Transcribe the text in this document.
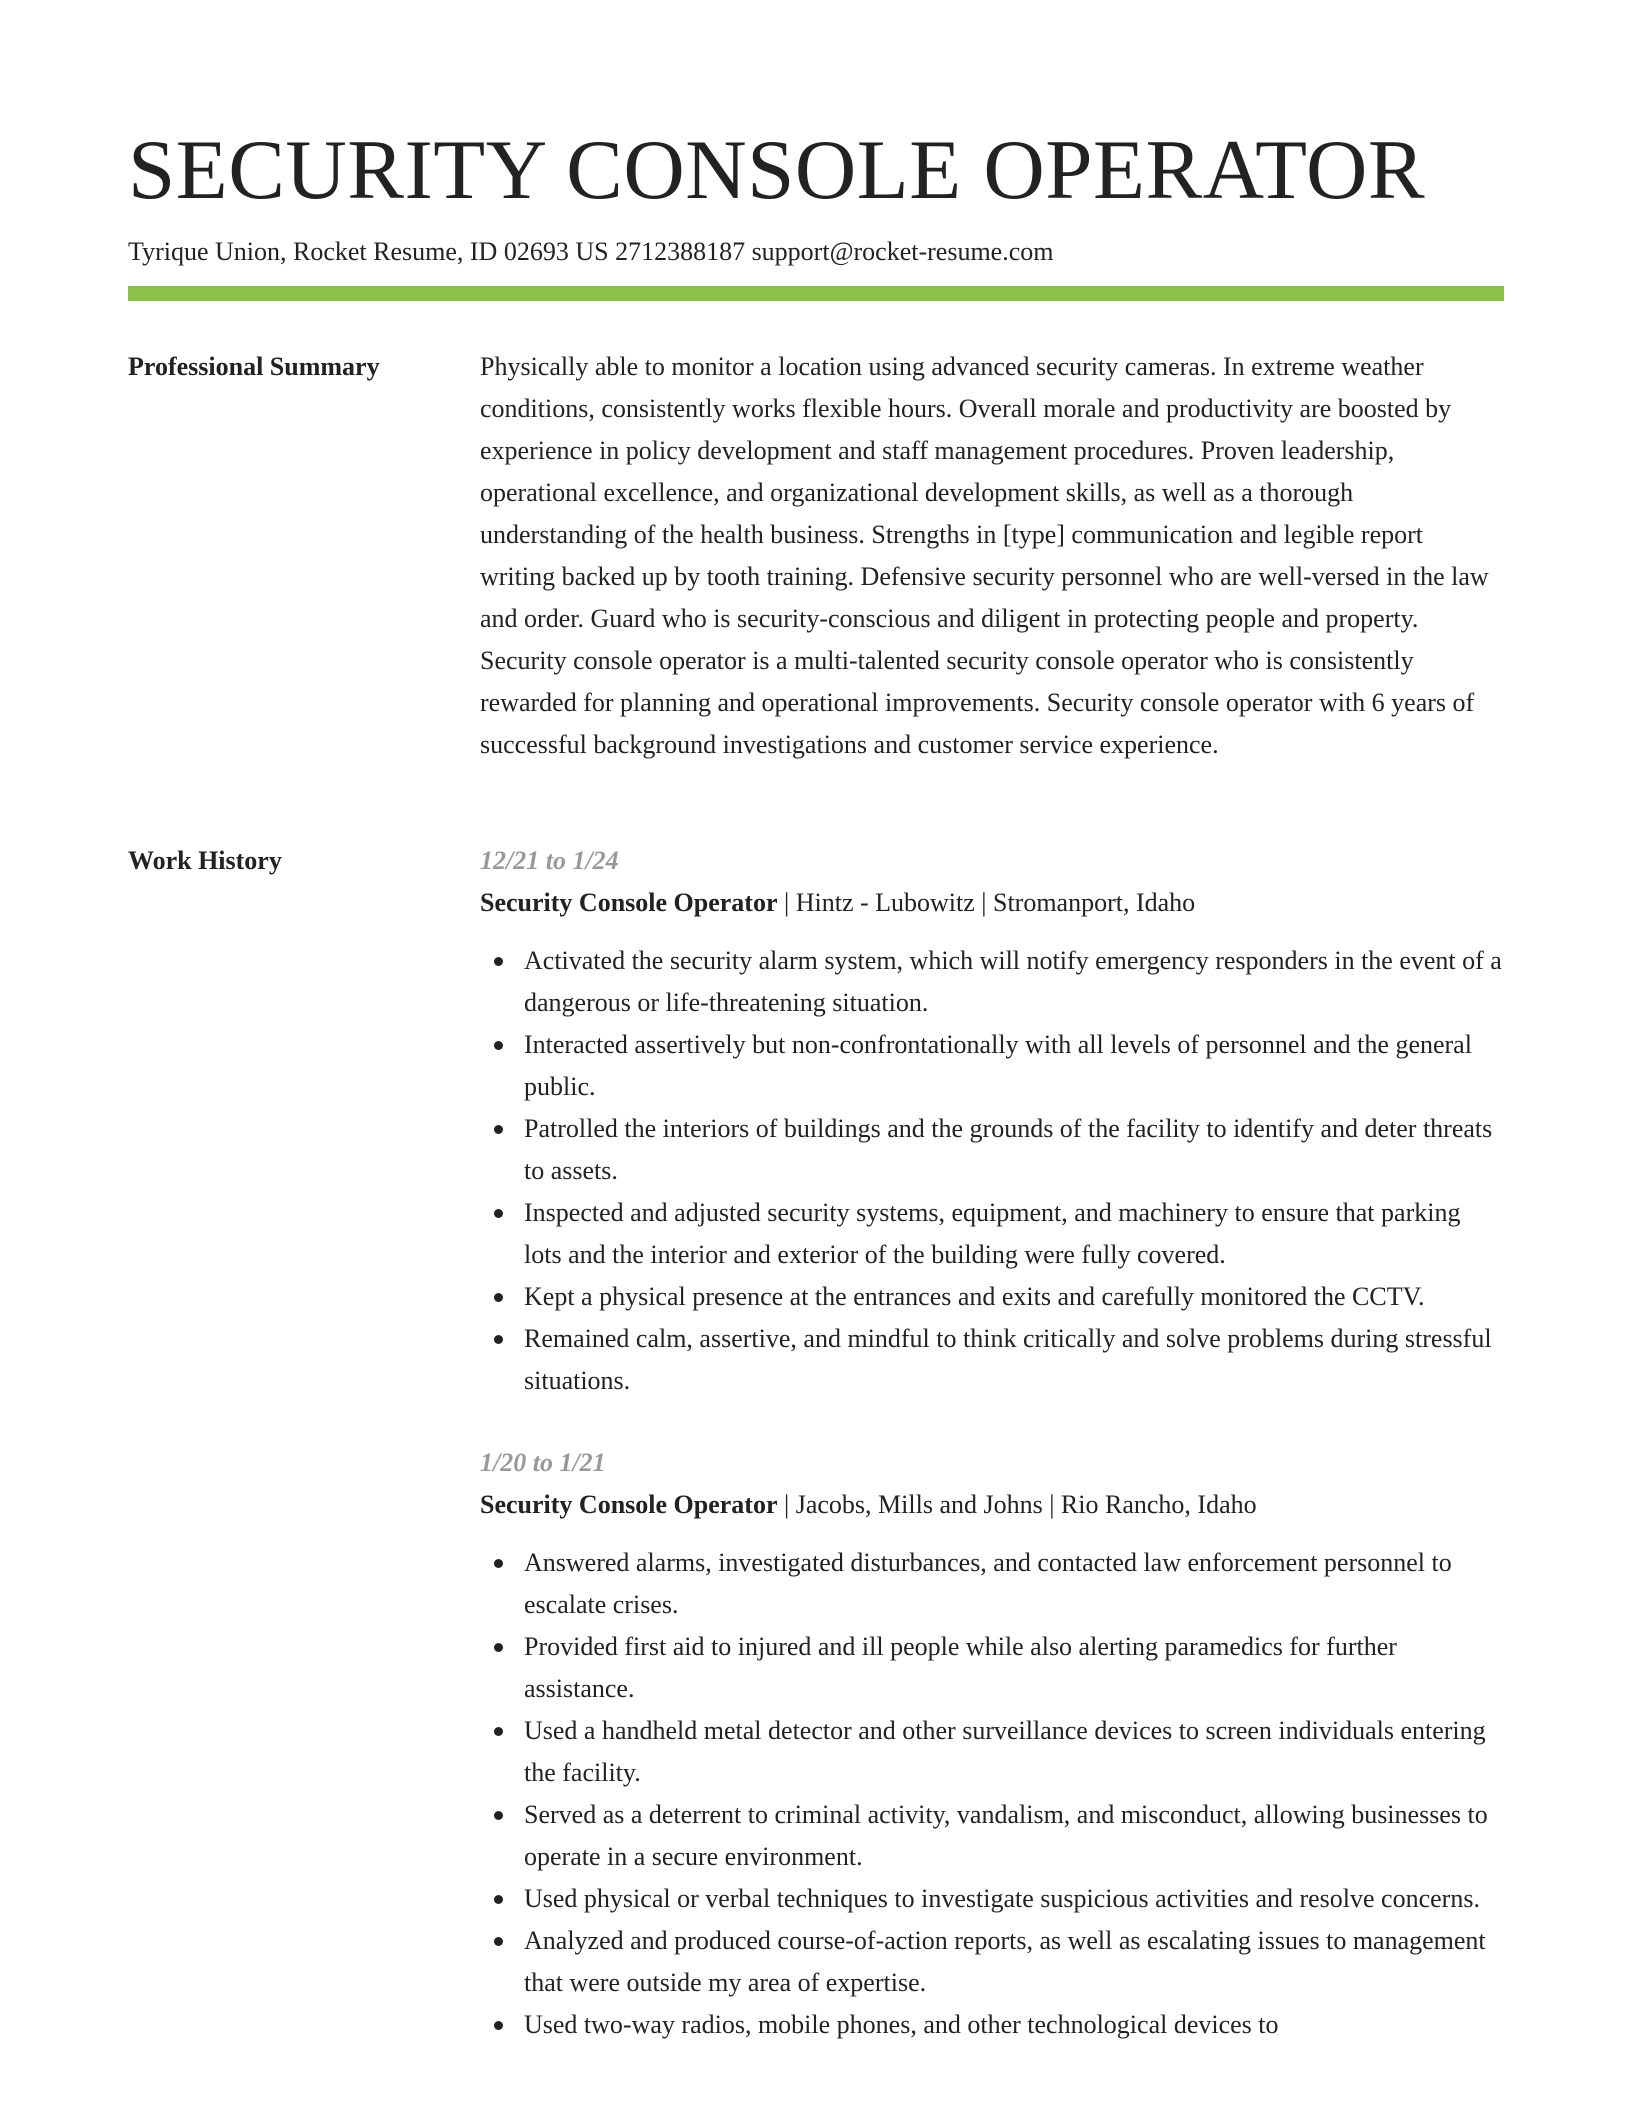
SECURITY CONSOLE OPERATOR
Tyrique Union, Rocket Resume, ID 02693 US 2712388187 support@rocket-resume.com
Professional Summary	Physically able to monitor a location using advanced security cameras. In extreme weather conditions, consistently works flexible hours. Overall morale and productivity are boosted by experience in policy development and staff management procedures. Proven leadership, operational excellence, and organizational development skills, as well as a thorough understanding of the health business. Strengths in [type] communication and legible report writing backed up by tooth training. Defensive security personnel who are well-versed in the law and order. Guard who is security-conscious and diligent in protecting people and property. Security console operator is a multi-talented security console operator who is consistently rewarded for planning and operational improvements. Security console operator with 6 years of successful background investigations and customer service experience.

Work History	12/21 to 1/24
Security Console Operator | Hintz - Lubowitz | Stromanport, Idaho
Activated the security alarm system, which will notify emergency responders in the event of a dangerous or life-threatening situation.
Interacted assertively but non-confrontationally with all levels of personnel and the general public.
Patrolled the interiors of buildings and the grounds of the facility to identify and deter threats to assets.
Inspected and adjusted security systems, equipment, and machinery to ensure that parking lots and the interior and exterior of the building were fully covered.
Kept a physical presence at the entrances and exits and carefully monitored the CCTV.
Remained calm, assertive, and mindful to think critically and solve problems during stressful situations.
1/20 to 1/21
Security Console Operator | Jacobs, Mills and Johns | Rio Rancho, Idaho
Answered alarms, investigated disturbances, and contacted law enforcement personnel to escalate crises.
Provided first aid to injured and ill people while also alerting paramedics for further assistance.
Used a handheld metal detector and other surveillance devices to screen individuals entering the facility.
Served as a deterrent to criminal activity, vandalism, and misconduct, allowing businesses to operate in a secure environment.
Used physical or verbal techniques to investigate suspicious activities and resolve concerns.
Analyzed and produced course-of-action reports, as well as escalating issues to management that were outside my area of expertise.
Used two-way radios, mobile phones, and other technological devices to
